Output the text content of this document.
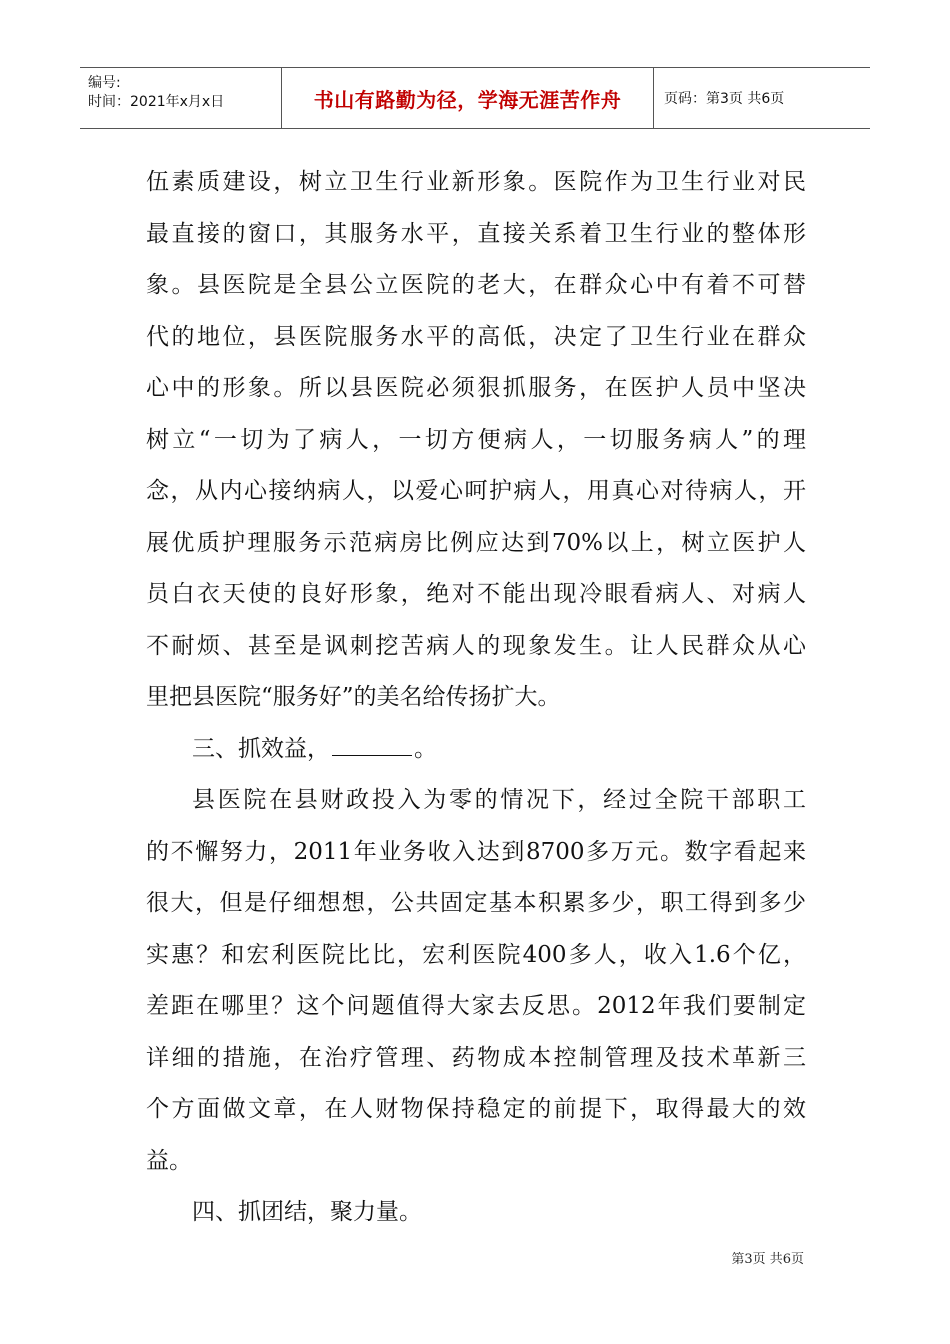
编号:
时间：2021年x月x日	书山有路勤为径，学海无涯苦作舟	页码：第3页 共6页
伍素质建设，树立卫生行业新形象。医院作为卫生行业对民
最直接的窗口，其服务水平，直接关系着卫生行业的整体形
象。县医院是全县公立医院的老大，在群众心中有着不可替
代的地位，县医院服务水平的高低，决定了卫生行业在群众
心中的形象。所以县医院必须狠抓服务，在医护人员中坚决
树立“一切为了病人，一切方便病人，一切服务病人”的理
念，从内心接纳病人，以爱心呵护病人，用真心对待病人，开
展优质护理服务示范病房比例应达到70%以上，树立医护人
员白衣天使的良好形象，绝对不能出现冷眼看病人、对病人
不耐烦、甚至是讽刺挖苦病人的现象发生。让人民群众从心
里把县医院“服务好”的美名给传扬扩大。
三、抓效益，	。
县医院在县财政投入为零的情况下，经过全院干部职工
的不懈努力，2011年业务收入达到8700多万元。数字看起来
很大，但是仔细想想，公共固定基本积累多少，职工得到多少
实惠？和宏利医院比比，宏利医院400多人，收入1.6个亿，
差距在哪里？这个问题值得大家去反思。2012年我们要制定
详细的措施，在治疗管理、药物成本控制管理及技术革新三
个方面做文章，在人财物保持稳定的前提下，取得最大的效
益。
四、抓团结，聚力量。
第3页 共6页
